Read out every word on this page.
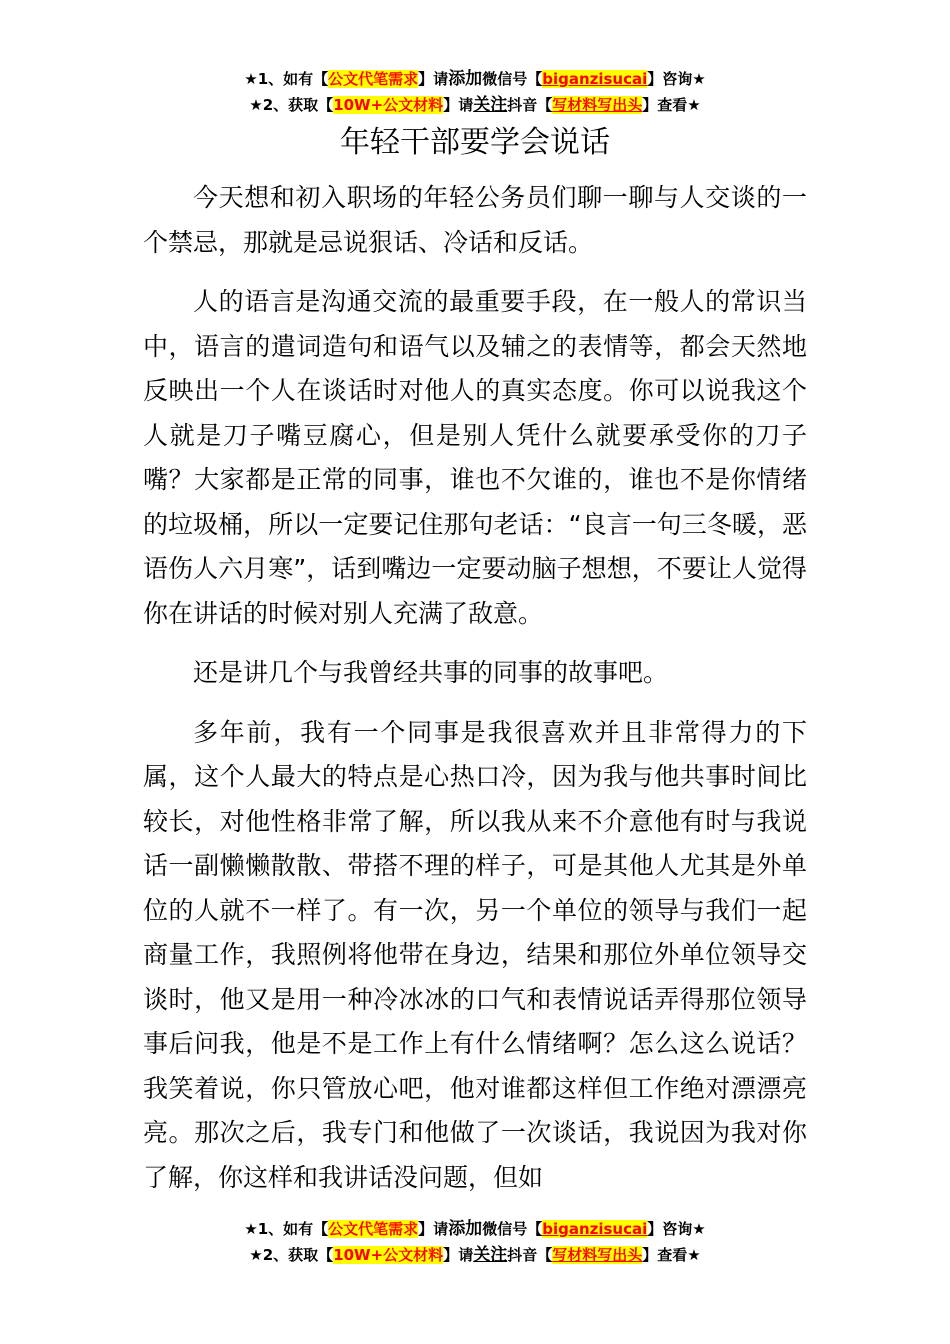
★1、如有【公文代笔需求】请添加微信号【biganzisucai】咨询★
★2、获取【10W+公文材料】请关注抖音【写材料写出头】查看★
年轻干部要学会说话

今天想和初入职场的年轻公务员们聊一聊与人交谈的一个禁忌，那就是忌说狠话、冷话和反话。

人的语言是沟通交流的最重要手段，在一般人的常识当中，语言的遣词造句和语气以及辅之的表情等，都会天然地反映出一个人在谈话时对他人的真实态度。你可以说我这个人就是刀子嘴豆腐心，但是别人凭什么就要承受你的刀子嘴？大家都是正常的同事，谁也不欠谁的，谁也不是你情绪的垃圾桶，所以一定要记住那句老话：“良言一句三冬暖，恶语伤人六月寒”，话到嘴边一定要动脑子想想，不要让人觉得你在讲话的时候对别人充满了敌意。

还是讲几个与我曾经共事的同事的故事吧。

多年前，我有一个同事是我很喜欢并且非常得力的下属，这个人最大的特点是心热口冷，因为我与他共事时间比较长，对他性格非常了解，所以我从来不介意他有时与我说话一副懒懒散散、带搭不理的样子，可是其他人尤其是外单位的人就不一样了。有一次，另一个单位的领导与我们一起商量工作，我照例将他带在身边，结果和那位外单位领导交谈时，他又是用一种冷冰冰的口气和表情说话弄得那位领导事后问我，他是不是工作上有什么情绪啊？怎么这么说话？我笑着说，你只管放心吧，他对谁都这样但工作绝对漂漂亮亮。那次之后，我专门和他做了一次谈话，我说因为我对你了解，你这样和我讲话没问题，但如

★1、如有【公文代笔需求】请添加微信号【biganzisucai】咨询★
★2、获取【10W+公文材料】请关注抖音【写材料写出头】查看★
